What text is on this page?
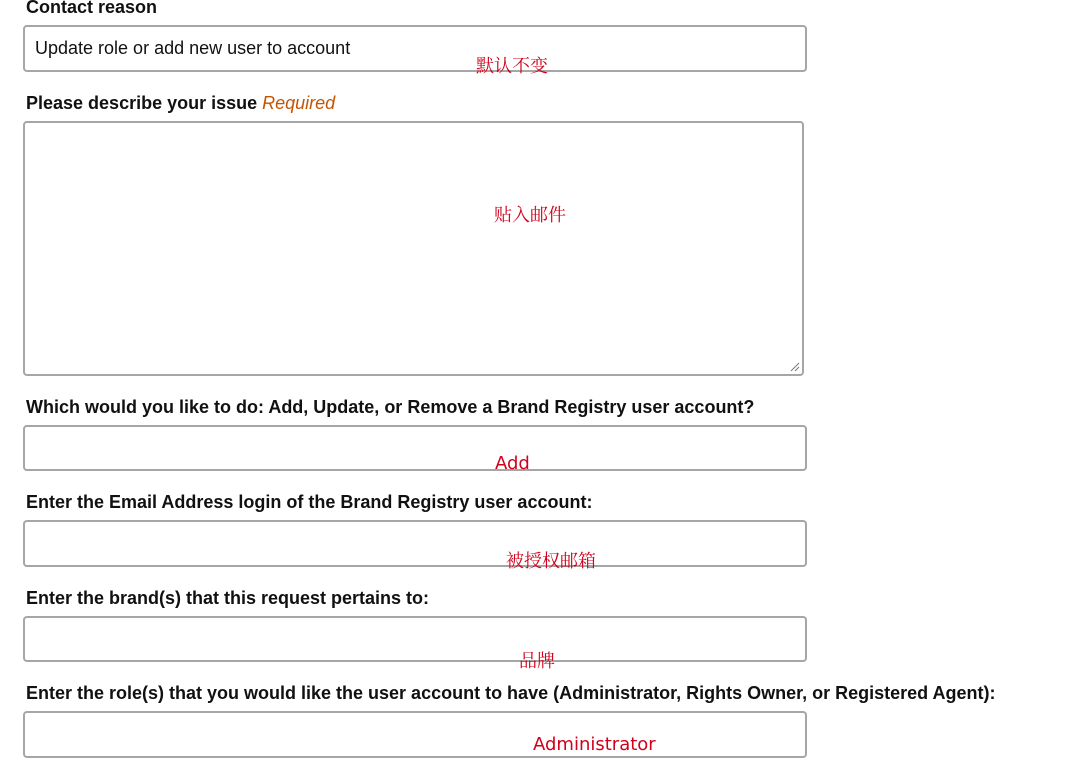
Contact reason
Update role or add new user to account
默认不变
Please describe your issue Required
贴入邮件
Which would you like to do: Add, Update, or Remove a Brand Registry user account?
Add
Enter the Email Address login of the Brand Registry user account:
被授权邮箱
Enter the brand(s) that this request pertains to:
品牌
Enter the role(s) that you would like the user account to have (Administrator, Rights Owner, or Registered Agent):
Administrator
